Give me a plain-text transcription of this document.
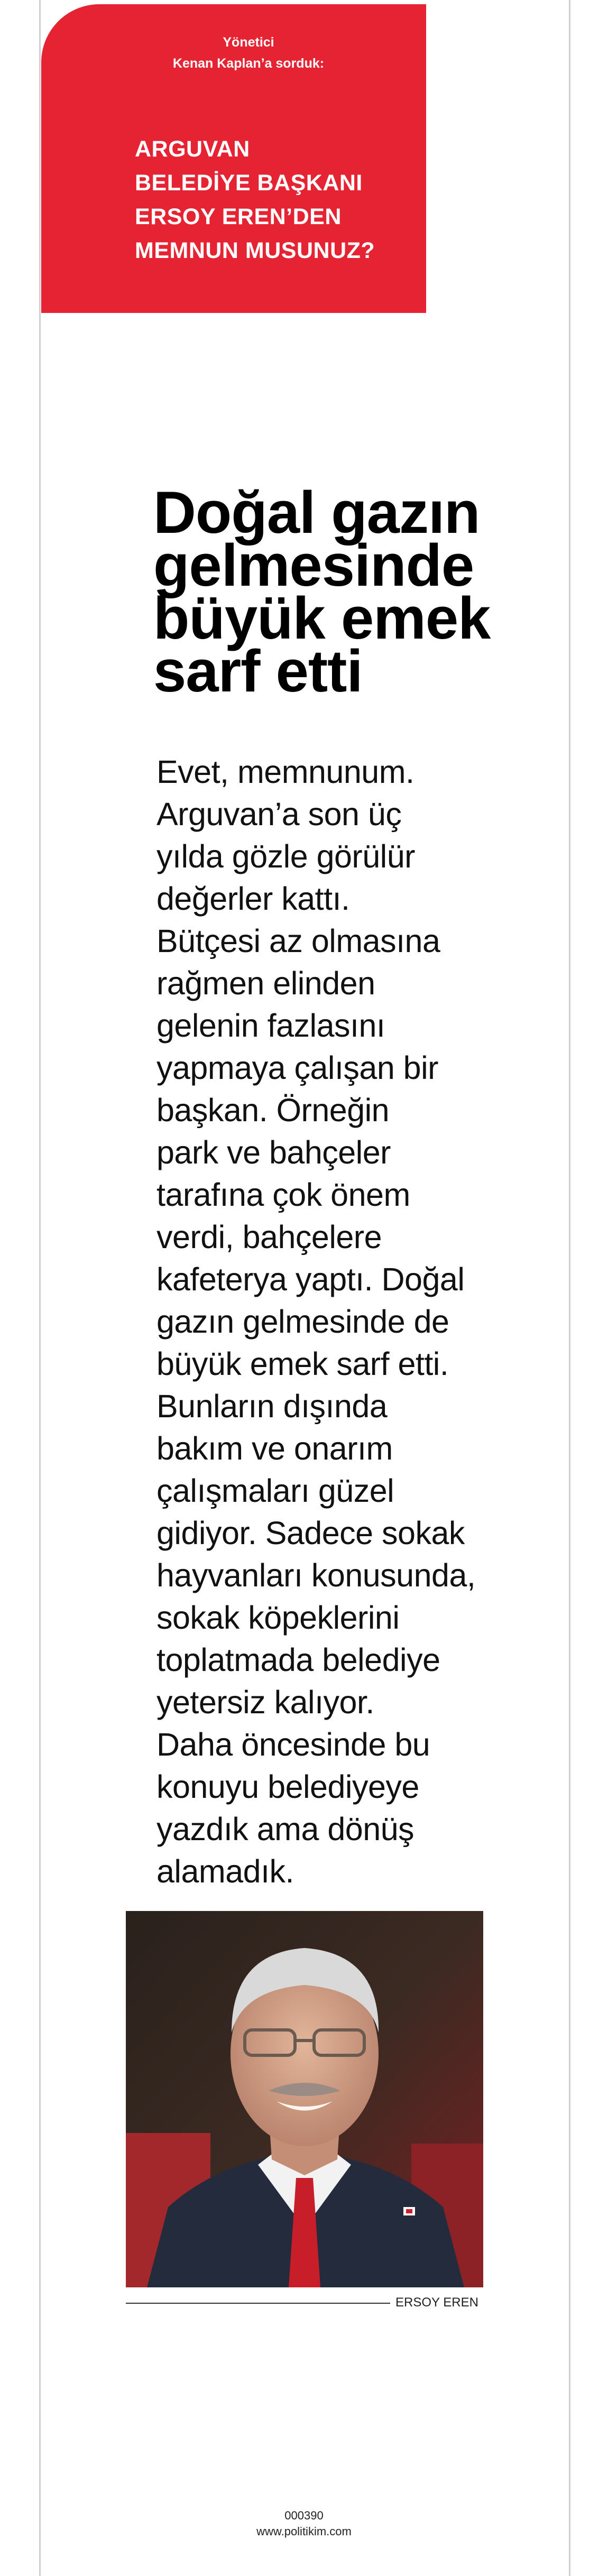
Yönetici
Kenan Kaplan’a sorduk:
ARGUVAN
BELEDİYE BAŞKANI
ERSOY EREN’DEN
MEMNUN MUSUNUZ?
Doğal gazın
gelmesinde
büyük emek
sarf etti
Evet, memnunum.
Arguvan’a son üç
yılda gözle görülür
değerler kattı.
Bütçesi az olmasına
rağmen elinden
gelenin fazlasını
yapmaya çalışan bir
başkan. Örneğin
park ve bahçeler
tarafına çok önem
verdi, bahçelere
kafeterya yaptı. Doğal
gazın gelmesinde de
büyük emek sarf etti.
Bunların dışında
bakım ve onarım
çalışmaları güzel
gidiyor. Sadece sokak
hayvanları konusunda,
sokak köpeklerini
toplatmada belediye
yetersiz kalıyor.
Daha öncesinde bu
konuyu belediyeye
yazdık ama dönüş
alamadık.
ERSOY EREN
000390
www.politikim.com
